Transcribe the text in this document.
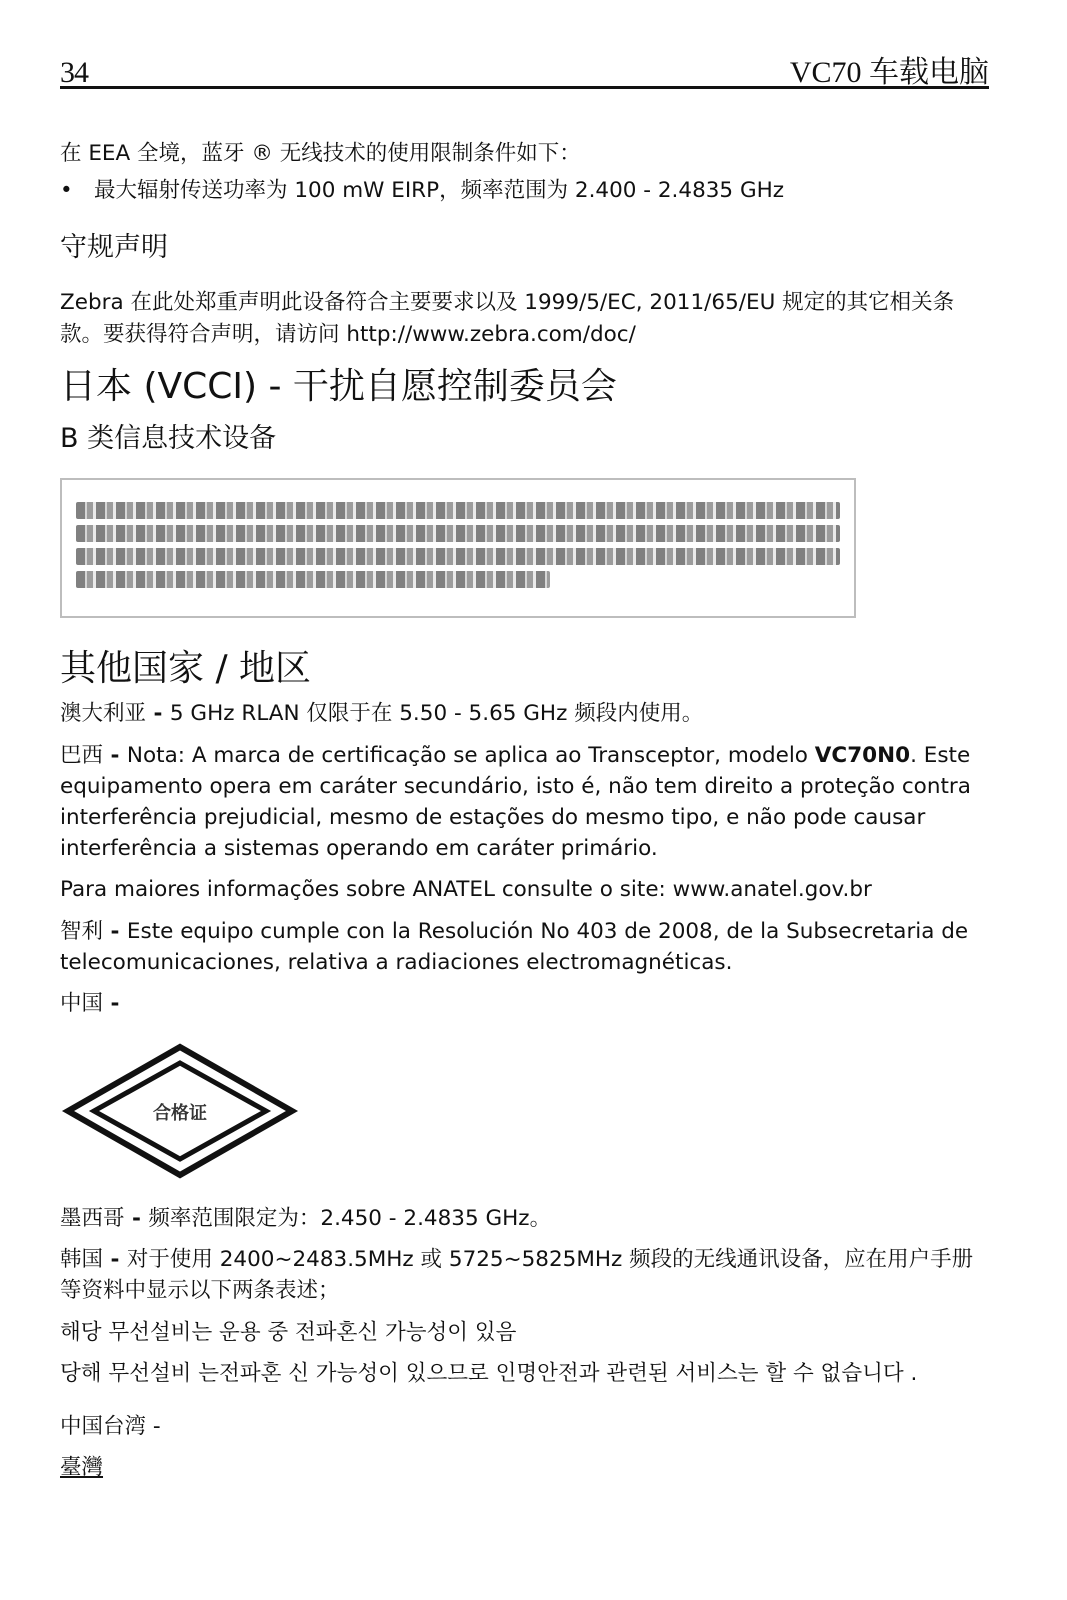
34	VC70 车载电脑

在 EEA 全境，蓝牙 ® 无线技术的使用限制条件如下：

• 最大辐射传送功率为 100 mW EIRP，频率范围为 2.400 - 2.4835 GHz
守规声明

Zebra 在此处郑重声明此设备符合主要要求以及 1999/5/EC, 2011/65/EU 规定的其它相关条款。要获得符合声明，请访问 http://www.zebra.com/doc/

日本 (VCCI) - 干扰自愿控制委员会
B 类信息技术设备
其他国家 / 地区

澳大利亚 - 5 GHz RLAN 仅限于在 5.50 - 5.65 GHz 频段内使用。

巴西 - Nota: A marca de certificação se aplica ao Transceptor, modelo VC70N0. Este equipamento opera em caráter secundário, isto é, não tem direito a proteção contra interferência prejudicial, mesmo de estações do mesmo tipo, e não pode causar interferência a sistemas operando em caráter primário.

Para maiores informações sobre ANATEL consulte o site: www.anatel.gov.br

智利 - Este equipo cumple con la Resolución No 403 de 2008, de la Subsecretaria de telecomunicaciones, relativa a radiaciones electromagnéticas.

中国 -

合格证

墨西哥 - 频率范围限定为：2.450 - 2.4835 GHz。

韩国 - 对于使用 2400~2483.5MHz 或 5725~5825MHz 频段的无线通讯设备，应在用户手册等资料中显示以下两条表述；

해당 무선설비는 운용 중 전파혼신 가능성이 있음

당해 무선설비 는전파혼 신 가능성이 있으므로 인명안전과 관련된 서비스는 할 수 없습니다 .

中国台湾 -

臺灣
